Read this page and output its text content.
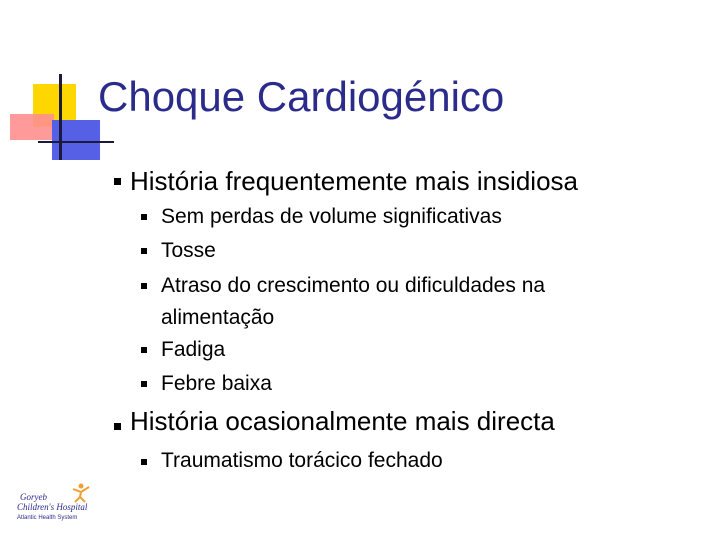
Choque Cardiogénico
História frequentemente mais insidiosa
Sem perdas de volume significativas
Tosse
Atraso do crescimento ou dificuldades na alimentação
Fadiga
Febre baixa
História ocasionalmente mais directa
Traumatismo torácico fechado
Goryeb
Children's Hospital
Atlantic Health System
